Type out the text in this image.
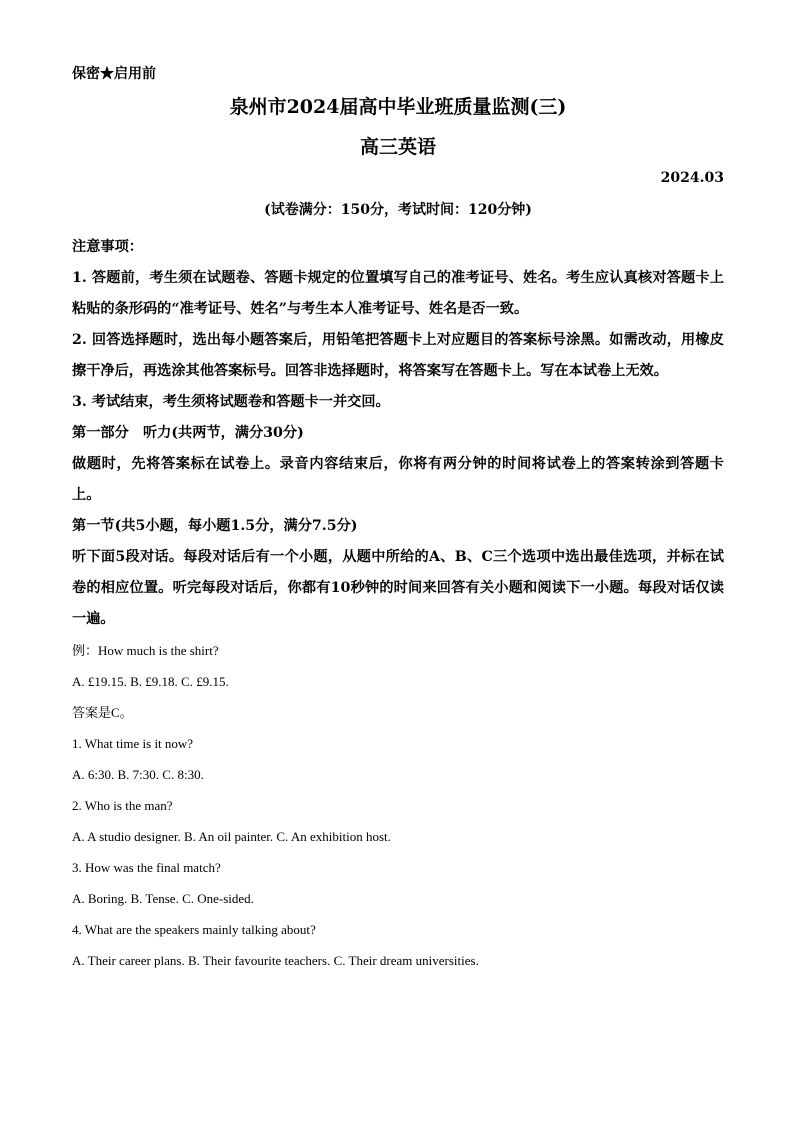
保密★启用前
泉州市2024届高中毕业班质量监测(三)
高三英语
2024.03
(试卷满分：150分，考试时间：120分钟)
注意事项：
1. 答题前，考生须在试题卷、答题卡规定的位置填写自己的准考证号、姓名。考生应认真核对答题卡上粘贴的条形码的“准考证号、姓名”与考生本人准考证号、姓名是否一致。
2. 回答选择题时，选出每小题答案后，用铅笔把答题卡上对应题目的答案标号涂黑。如需改动，用橡皮擦干净后，再选涂其他答案标号。回答非选择题时，将答案写在答题卡上。写在本试卷上无效。
3. 考试结束，考生须将试题卷和答题卡一并交回。
第一部分　听力(共两节，满分30分)
做题时，先将答案标在试卷上。录音内容结束后，你将有两分钟的时间将试卷上的答案转涂到答题卡上。
第一节(共5小题，每小题1.5分，满分7.5分)
听下面5段对话。每段对话后有一个小题，从题中所给的A、B、C三个选项中选出最佳选项，并标在试卷的相应位置。听完每段对话后，你都有10秒钟的时间来回答有关小题和阅读下一小题。每段对话仅读一遍。
例：How much is the shirt?
A. £19.15. B. £9.18. C. £9.15.
答案是C。
1. What time is it now?
A. 6:30. B. 7:30. C. 8:30.
2. Who is the man?
A. A studio designer. B. An oil painter. C. An exhibition host.
3. How was the final match?
A. Boring. B. Tense. C. One-sided.
4. What are the speakers mainly talking about?
A. Their career plans. B. Their favourite teachers. C. Their dream universities.
